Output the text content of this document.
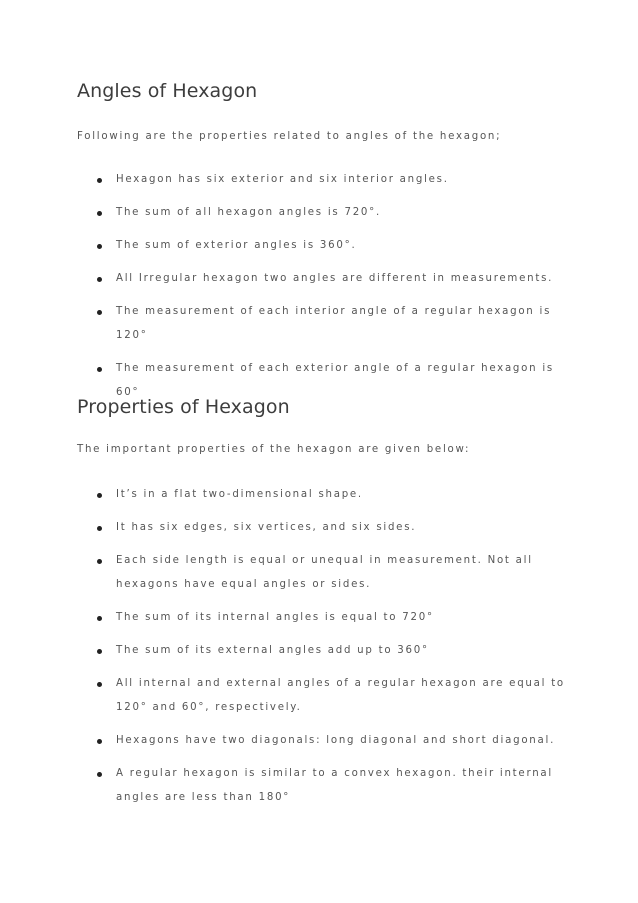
Angles of Hexagon

Following are the properties related to angles of the hexagon;

Hexagon has six exterior and six interior angles.
The sum of all hexagon angles is 720°.
The sum of exterior angles is 360°.
All Irregular hexagon two angles are different in measurements.
The measurement of each interior angle of a regular hexagon is 120°
The measurement of each exterior angle of a regular hexagon is 60°
Properties of Hexagon

The important properties of the hexagon are given below:

It’s in a flat two-dimensional shape.
It has six edges, six vertices, and six sides.
Each side length is equal or unequal in measurement. Not all hexagons have equal angles or sides.
The sum of its internal angles is equal to 720°
The sum of its external angles add up to 360°
All internal and external angles of a regular hexagon are equal to 120° and 60°, respectively.
Hexagons have two diagonals: long diagonal and short diagonal.
A regular hexagon is similar to a convex hexagon. their internal angles are less than 180°
